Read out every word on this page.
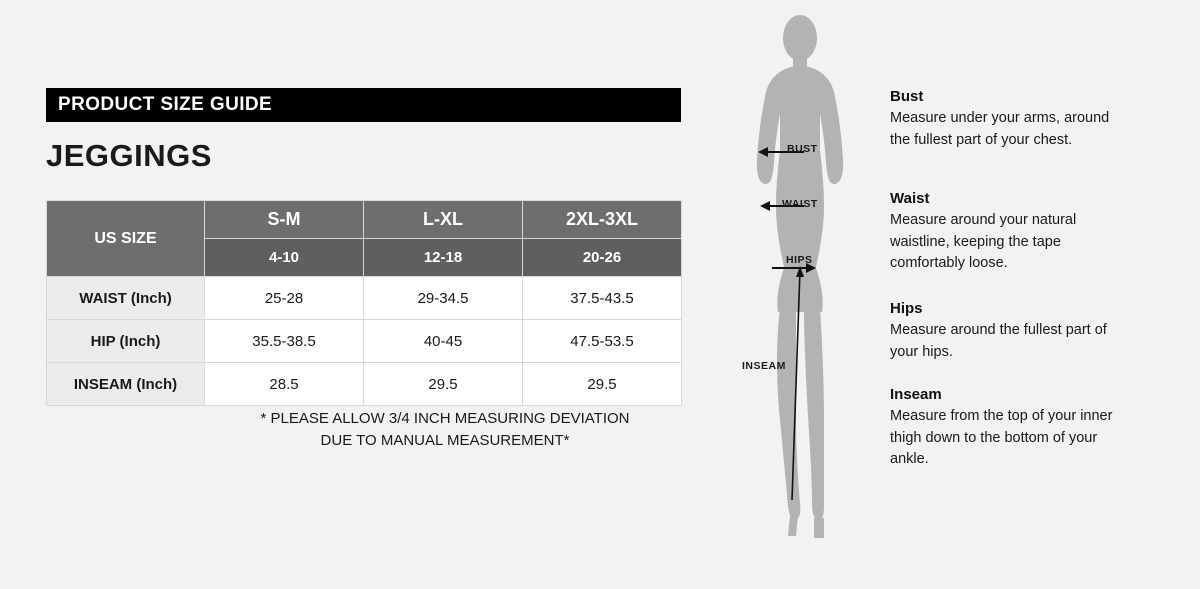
PRODUCT SIZE GUIDE
JEGGINGS
US SIZE	S-M	L-XL	2XL-3XL
	4-10	12-18	20-26
WAIST (Inch)	25-28	29-34.5	37.5-43.5
HIP (Inch)	35.5-38.5	40-45	47.5-53.5
INSEAM (Inch)	28.5	29.5	29.5
* PLEASE ALLOW 3/4 INCH MEASURING DEVIATION
DUE TO MANUAL MEASUREMENT*
BUST
WAIST
HIPS
INSEAM

Bust

Measure under your arms, around the fullest part of your chest.

Waist

Measure around your natural waistline, keeping the tape comfortably loose.

Hips

Measure around the fullest part of your hips.

Inseam

Measure from the top of your inner thigh down to the bottom of your ankle.
